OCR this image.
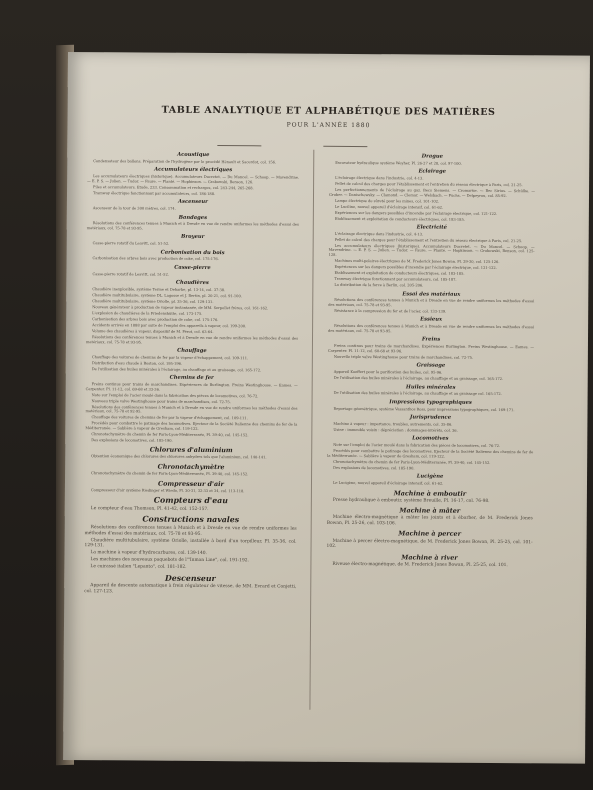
TABLE ANALYTIQUE ET ALPHABÉTIQUE DES MATIÈRES
POUR L'ANNÉE 1880
Acoustique
Condensateur des ballons. Préparation de l'hydrogène par le procédé Hénault et Sacerdot, col. 156.
Accumulateurs électriques
Les accumulateurs électriques (historique). Accumulateurs Ducretet. — Du Moncel. — Schoop. — Mavendrine. — E. P. S. — Julien. — Tudor. — Faure. — Planté. — Hopkinson. — Grabowski, Benson, 126.
Piles et accumulateurs. Etude, 233. Consommation et recharges, col. 243-244, 265-268.
Tramway électrique fonctionnant par accumulateurs, col. 186-188.
Ascenseur
Ascenseur de la tour de 300 mètres, col. 174.
Bandages
Résolutions des conférences tenues à Munich et à Dresde en vue de rendre uniformes les méthodes d'essai des matériaux, col. 75-78 et 93-95.
Broyeur
Casse-pierre rotatif du Leavitt, col. 51-52.
Carbonisation du bois
Carbonisation des arbres bois avec production de coke, col. 175-176.
Casse-pierre
Casse-pierre rotatif de Leavitt, col. 51-52.
Chaudières
Chaudière inexplosible, système Terme et Deharbe, pl. 13-14, col. 37-38.
Chaudière multitubulaire, système DL. Lagosse et J. Bertin, pl. 20-21, col. 91-100.
Chaudière multitubulaire, système Oriolle, pl. 35-36, col. 129-131.
Nouveau générateur à production de vapeur instantanée, de MM. Serpollet frères, col. 161-162.
L'explosion de chaudières de la Friedenshütte, col. 173-175.
Carbonisation des arbres bois avec production de coke, col. 175-176.
Accidents arrivés en 1888 par suite de l'emploi des appareils à vapeur, col. 199-200.
Volume des chaudières à vapeur, dispositif de M. Pérot, col. 63-64.
Résolutions des conférences tenues à Munich et à Dresde en vue de rendre uniformes les méthodes d'essai des matériaux, col. 75-78 et 93-95.
Chauffage
Chauffage des voitures de chemins de fer par la vapeur d'échappement, col. 109-111.
Distribution d'eau chaude à Boston, col. 195-196.
De l'utilisation des huiles minérales à l'éclairage, au chauffage et au graissage, col. 165-172.
Chemins de fer
Freins continus pour trains de marchandises. Expériences de Burlington. Freins Westinghouse. — Eames. — Carpenter. Pl. 11-12, col. 69-68 et 33-36.
Note sur l'emploi de l'acier moulé dans la fabrication des pièces de locomotives, col. 76-72.
Nouveau triple valve Westinghouse pour trains de marchandises, col. 72-75.
Résolutions des conférences tenues à Munich et à Dresde en vue de rendre uniformes les méthodes d'essai des matériaux, col. 75-78 et 92-95.
Chauffage des voitures de chemins de fer par la vapeur d'échappement, col. 109-111.
Procédés pour combattre le patinage des locomotives. Ejecteur de la Société Italienne des chemins de fer de la Méditerranée. — Sablière à vapeur de Gresham, col. 119-122.
Chronotachymètre du chemin de fer Paris-Lyon-Méditerranée, Pl. 39-40, col. 145-152.
Des explosions de locomotives, col. 185-190.
Chlorures d'aluminium
Obtention économique des chlorures des chlorures anhydres tels que l'aluminium, col. 140-141.
Chronotachymètre
Chronotachymètre du chemin de fer Paris-Lyon-Méditerranée, Pl. 39-40, col. 145-152.
Compresseur d'air
Compresseur d'air système Riedinger et Wiedo, Pl. 30-31, 32-33 et 34, col. 113-118.
Compteurs d'eau
Le compteur d'eau Thomson, Pl. 41-42, col. 152-157.
Constructions navales
Résolutions des conférences tenues à Munich et à Dresde en vue de rendre uniformes les méthodes d'essai des matériaux, col. 75-78 et 93-95.
Chaudière multitubulaire, système Oriolle, installée à bord d'un torpilleur, Pl. 35-36, col. 129-131.
La machine à vapeur d'hydrocarbures, col. 139-140.
Les machines des nouveaux paquebots de l'"Inman Line", col. 191-192.
Le cuirassé italien "Lepanto", col. 181-182.
Descenseur
Appareil de descente automatique à frein régulateur de vitesse, de MM. Evrard et Conjetti, col. 127-123.
Drague
Excavateur hydraulique système Weyher, Pl. 26-27 et 28, col. 97-100.
Eclairage
L'éclairage électrique dans l'industrie, col. 4-13.
Pellet de calcul des charges pour l'établissement et l'entretien du réseau électrique à Paris, col. 21-25.
Les perfectionnements de l'éclairage au gaz. Becs Siemens. — Cromartie. — Bec Sirius. — Schülke. — Gruber. — Danischewsky. — Clamond. — Clemar. — Welsbach. — Fuchs. — Delpeyrou, col. 85-92.
Lampe électrique de sûreté pour les mines, col. 101-102.
Le Luciline, nouvel appareil d'éclairage intensif, col. 61-62.
Expériences sur les dangers possibles d'incendie par l'éclairage électrique, col. 121-122.
Etablissement et exploitation de conducteurs électriques, col. 183-185.
Electricité
L'éclairage électrique dans l'industrie, col. 4-13.
Pellet de calcul des charges pour l'établissement et l'entretien du réseau électrique à Paris, col. 21-25.
Les accumulateurs électriques (historique). Accumulateurs Ducretet. — Du Moncel. — Schoop. — Mavendrine. — E. P. S. — Julien. — Tudor. — Faure. — Planté. — Hopkinson. — Grabowski, Benson, col. 125-128.
Machines multi-polaires électriques de M. Frederick Jones Bowan. Pl. 29-30, col. 125-126.
Expériences sur les dangers possibles d'incendie par l'éclairage électrique, col. 121-122.
Etablissement et exploitation de conducteurs électriques, col. 183-185.
Tramway électrique fonctionnant par accumulateurs, col. 185-187.
La distribution de la force à Berlin, col. 205-206.
Essai des matériaux
Résolutions des conférences tenues à Munich et à Dresde en vue de rendre uniformes les méthodes d'essai des matériaux, col. 75-78 et 93-95.
Résistance à la compression du fer et de l'acier, col. 133-139.
Essieux
Résolutions des conférences tenues à Munich et à Dresde en vue de rendre uniformes les méthodes d'essai des matériaux, col. 75-78 et 93-95.
Freins
Freins continus pour trains de marchandises. Expériences Burlington. Freins Westinghouse. — Eames. — Carpenter. Pl. 11-12, col. 60-68 et 93-96.
Nouvelle triple valve Westinghouse pour trains de marchandises, col. 72-75.
Graissage
Appareil Koeffert pour la purification des huiles, col. 95-96.
De l'utilisation des huiles minérales à l'éclairage, au chauffage et au graissage, col. 165-172.
Huiles minérales
De l'utilisation des huiles minérales à l'éclairage, au chauffage et au graissage col. 165-172.
Impressions typographiques
Reportage géométrique, système Vassanthos Ross, pour impressions typographiques, col. 169-171.
Jurisprudence
Machine à vapeur : impartance, troubles, autrements, col. 35-86.
Usine : immeuble voisin : dépréciation : dommages-intérêts, col. 36.
Locomotives
Note sur l'emploi de l'acier moulé dans la fabrication des pièces de locomotives, col. 76-72.
Procédés pour combattre le patinage des locomotives. Ejecteur de la Société Italienne des chemins de fer de la Méditerranée. — Sablière à vapeur de Gresham, col. 119-122.
Chronotachymètre du chemin de fer Paris-Lyon-Méditerranée, Pl. 39-40, col. 145-152.
Des explosions de locomotives, col. 185-190.
Lucigène
Le Lucigène, nouvel appareil d'éclairage intensif, col. 61-62.
Machine à emboutir
Presse hydraulique à emboutir, système Breuille, Pl. 16-17, col. 76-98.
Machine à mâter
Machine électro-magnétique à mâter les joints et à ébarber, de M. Frederick Jones Bowan, Pl. 25-26, col. 103-106.
Machine à percer
Machine à percer électro-magnétique, de M. Frederick Jones Bowan, Pl. 25-25, col. 101-102.
Machine à river
Riveuse électro-magnétique, de M. Frederick Jones Bowan, Pl. 25-25, col. 101.
